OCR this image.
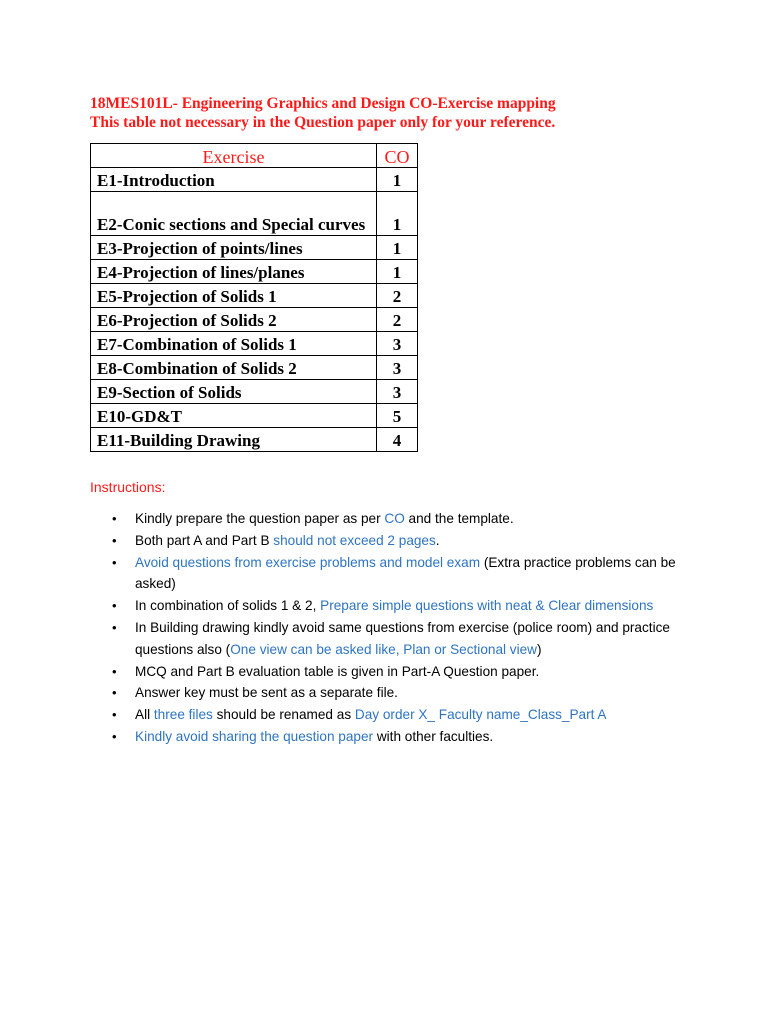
18MES101L- Engineering Graphics and Design CO-Exercise mapping
This table not necessary in the Question paper only for your reference.
Exercise	CO
E1-Introduction	1
E2-Conic sections and Special curves	1
E3-Projection of points/lines	1
E4-Projection of lines/planes	1
E5-Projection of Solids 1	2
E6-Projection of Solids 2	2
E7-Combination of Solids 1	3
E8-Combination of Solids 2	3
E9-Section of Solids	3
E10-GD&T	5
E11-Building Drawing	4
Instructions:
• Kindly prepare the question paper as per CO and the template.
• Both part A and Part B should not exceed 2 pages.
• Avoid questions from exercise problems and model exam (Extra practice problems can be asked)
• In combination of solids 1 & 2, Prepare simple questions with neat & Clear dimensions
• In Building drawing kindly avoid same questions from exercise (police room) and practice questions also (One view can be asked like, Plan or Sectional view)
• MCQ and Part B evaluation table is given in Part-A Question paper.
• Answer key must be sent as a separate file.
• All three files should be renamed as Day order X_ Faculty name_Class_Part A
• Kindly avoid sharing the question paper with other faculties.
